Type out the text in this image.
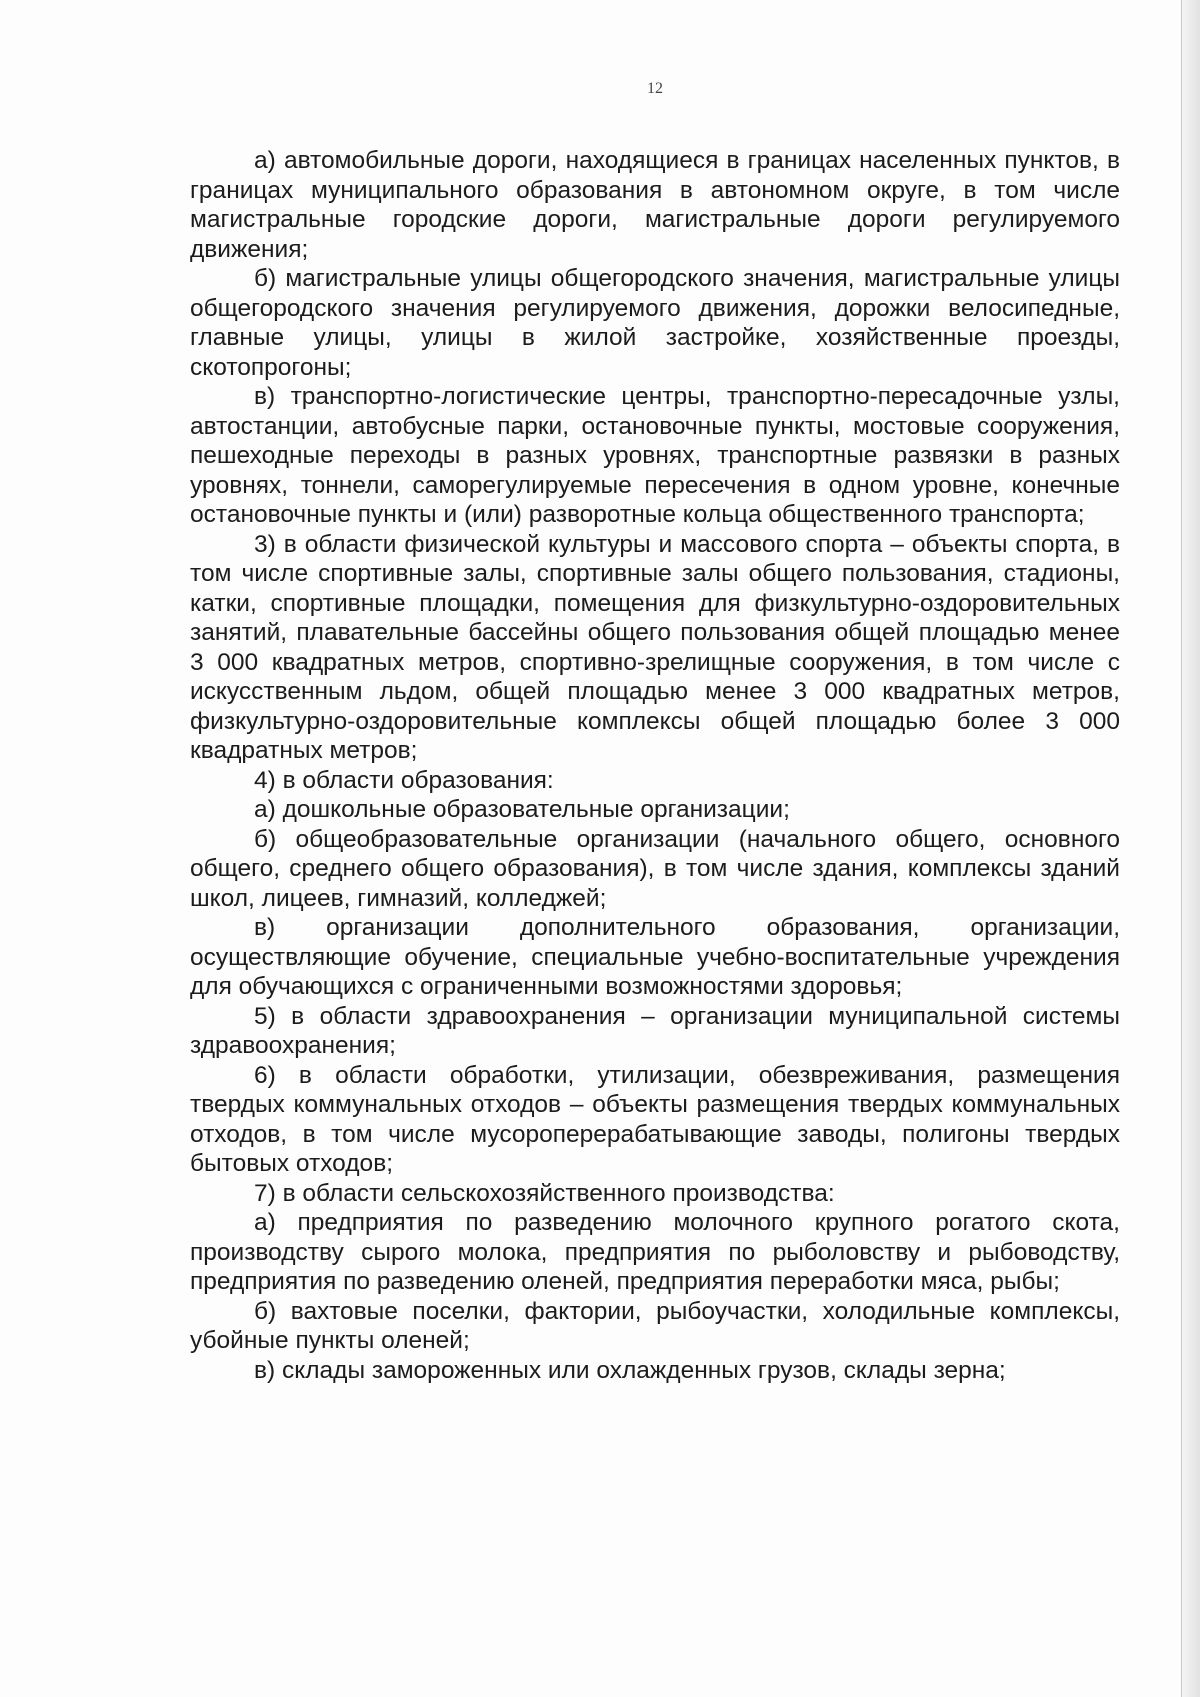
12

а) автомобильные дороги, находящиеся в границах населенных пунктов, в границах муниципального образования в автономном округе, в том числе магистральные городские дороги, магистральные дороги регулируемого движения;

б) магистральные улицы общегородского значения, магистральные улицы общегородского значения регулируемого движения, дорожки велосипедные, главные улицы, улицы в жилой застройке, хозяйственные проезды, скотопрогоны;

в) транспортно-логистические центры, транспортно-пересадочные узлы, автостанции, автобусные парки, остановочные пункты, мостовые сооружения, пешеходные переходы в разных уровнях, транспортные развязки в разных уровнях, тоннели, саморегулируемые пересечения в одном уровне, конечные остановочные пункты и (или) разворотные кольца общественного транспорта;

3) в области физической культуры и массового спорта – объекты спорта, в том числе спортивные залы, спортивные залы общего пользования, стадионы, катки, спортивные площадки, помещения для физкультурно-оздоровительных занятий, плавательные бассейны общего пользования общей площадью менее 3 000 квадратных метров, спортивно-зрелищные сооружения, в том числе с искусственным льдом, общей площадью менее 3 000 квадратных метров, физкультурно-оздоровительные комплексы общей площадью более 3 000 квадратных метров;

4) в области образования:

а) дошкольные образовательные организации;

б) общеобразовательные организации (начального общего, основного общего, среднего общего образования), в том числе здания, комплексы зданий школ, лицеев, гимназий, колледжей;

в) организации дополнительного образования, организации, осуществляющие обучение, специальные учебно-воспитательные учреждения для обучающихся с ограниченными возможностями здоровья;

5) в области здравоохранения – организации муниципальной системы здравоохранения;

6) в области обработки, утилизации, обезвреживания, размещения твердых коммунальных отходов – объекты размещения твердых коммунальных отходов, в том числе мусороперерабатывающие заводы, полигоны твердых бытовых отходов;

7) в области сельскохозяйственного производства:

а) предприятия по разведению молочного крупного рогатого скота, производству сырого молока, предприятия по рыболовству и рыбоводству, предприятия по разведению оленей, предприятия переработки мяса, рыбы;

б) вахтовые поселки, фактории, рыбоучастки, холодильные комплексы, убойные пункты оленей;

в) склады замороженных или охлажденных грузов, склады зерна;
